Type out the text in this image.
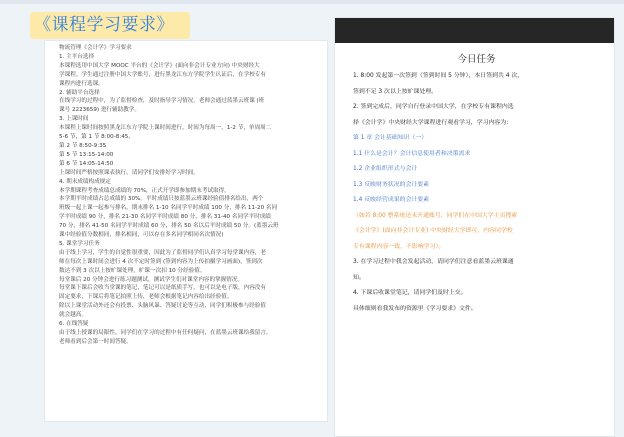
《课程学习要求》
物流管理《会计学》学习要求
1. 主平台选择
本课程选用中国大学 MOOC 平台的《会计学》(面向非会计专业方向) 中央财经大
学课程。学生通过注册中国大学账号，进行黑龙江东方学院学生认证后，在学校专有
课程内进行选课。
2. 辅助平台选择
在线学习的过程中，为了监督检查，及时指导学习情况，老师会通过蓝墨云班课 (班
课号 2223659) 进行辅助教学。
3. 上课时间
本课程上课时间按照黑龙江东方学院上课时间进行，时间为每周一，1-2 节，单周周二
5-6 节，第 1 节 8:00-8:45,
第 2 节 8:50-9:35
第 5 节 13:15-14:00
第 6 节 14:05-14:50
上课时间严格按照课表执行，请同学们安排好学习时间。
4. 期末成绩构成规定
本学期课程考查成绩总成绩的 70%，正式开学即参加期末考试取得。
本学期平时成绩占总成绩的 30%。平时成绩只按蓝墨云班课经验值排名给出，两个
班级一起上课一起参与排名。期末排名 1-10 名同学平时成绩 100 分，排名 11-20 名同
学平时成绩 90 分，排名 21-30 名同学平时成绩 80 分，排名 31-40 名同学平时成绩
70 分，排名 41-50 名同学平时成绩 60 分，排名 50 名以后平时成绩 50 分。(蓝墨云班
课中经验值分数相同，排名相同，可以存在多名同学相同名次情况)
5. 课堂学习任务
由于线上学习，学生的自觉性很重要，因此为了监督同学们认真学习每堂课内容，老
师在每次上课时间会进行 4 次不定时签到 (签到内容为上传拍摄学习画面)，签到次
数达不到 3 次以上按旷课处理，旷课一次扣 10 分经验值。
每堂课后 20 分钟会进行练习题测试，测试学生们对课堂内容的掌握情况。
每堂课下课后会收当堂课的笔记，笔记可以是纸质手写，也可以是电子版，内容没有
固定要求，下课后将笔记拍照上传，老师会根据笔记内容给出经验值。
除以上课堂活动外还会有投票、头脑风暴、答疑讨论等互动，同学们积极参与经验值
就会越高。
6. 在线答疑
由于线上授课的局限性，同学们在学习的过程中有任何疑问，在蓝墨云班课给我留言，
老师看到后会第一时间答疑。
今日任务
1. 8:00 发起第一次签到（签到时间 5 分钟），本日签到共 4 次，
签到不足 3 次以上按旷课处理。
2. 签到完成后，同学自行登录中国大学，在学校专有课程内选
择《会计学》中央财经大学课程进行观看学习，学习内容为：
第 1 章 会计基础知识（一）
1.1 什么是会计？会计信息使用者和决策需求
1.2 企业组织形式与会计
1.3 反映财务状况的会计要素
1.4 反映经营成果的会计要素
（如若 8:00 整系统还未开通账号，同学们在中国大学主页搜索
《会计学》(面向非会计专业) 中央财经大学即可，内容同学校
专有课程内容一致，不影响学习）。
3. 在学习过程中我会发起活动，请同学们注意看蓝墨云班课通
知。
4. 下课后收课堂笔记，请同学们及时上交。
具体细则看我发布的资源里《学习要求》文件。
